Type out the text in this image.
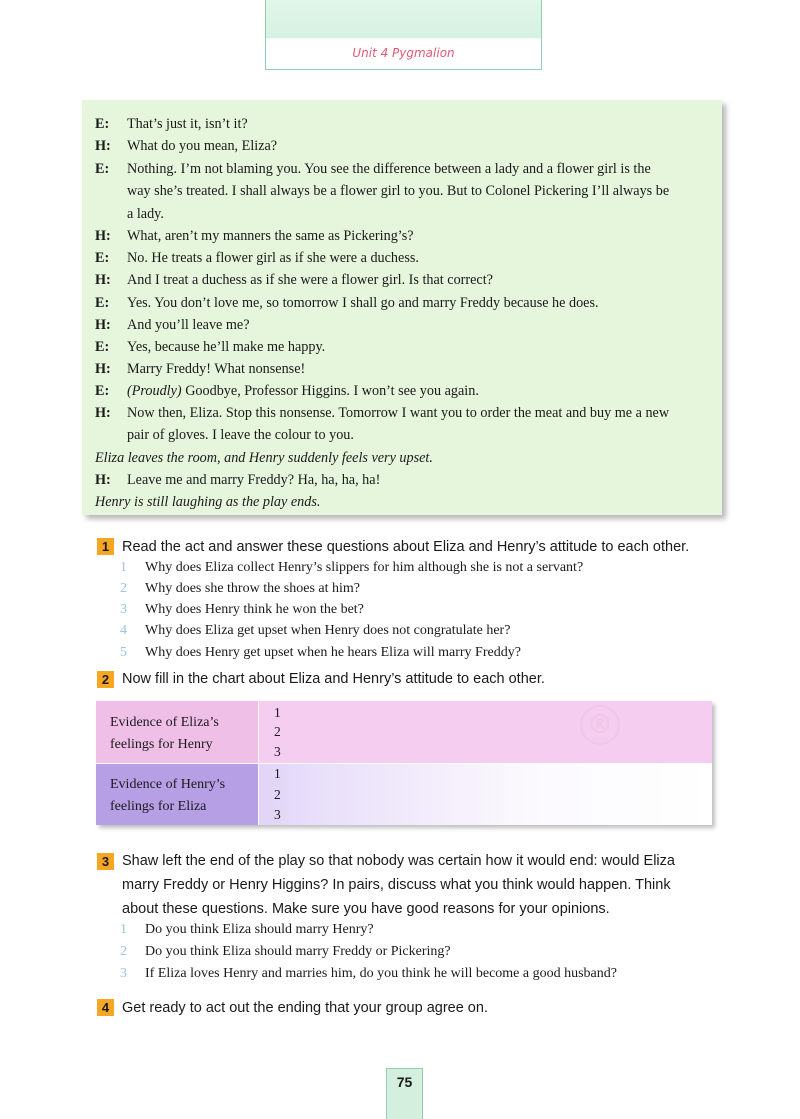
Unit 4 Pygmalion
E: That’s just it, isn’t it?
H: What do you mean, Eliza?
E: Nothing. I’m not blaming you. You see the difference between a lady and a flower girl is the
way she’s treated. I shall always be a flower girl to you. But to Colonel Pickering I’ll always be
a lady.
H: What, aren’t my manners the same as Pickering’s?
E: No. He treats a flower girl as if she were a duchess.
H: And I treat a duchess as if she were a flower girl. Is that correct?
E: Yes. You don’t love me, so tomorrow I shall go and marry Freddy because he does.
H: And you’ll leave me?
E: Yes, because he’ll make me happy.
H: Marry Freddy! What nonsense!
E: (Proudly) Goodbye, Professor Higgins. I won’t see you again.
H: Now then, Eliza. Stop this nonsense. Tomorrow I want you to order the meat and buy me a new
pair of gloves. I leave the colour to you.
Eliza leaves the room, and Henry suddenly feels very upset.
H: Leave me and marry Freddy? Ha, ha, ha, ha!
Henry is still laughing as the play ends.
1 Read the act and answer these questions about Eliza and Henry’s attitude to each other.
1 Why does Eliza collect Henry’s slippers for him although she is not a servant?
2 Why does she throw the shoes at him?
3 Why does Henry think he won the bet?
4 Why does Eliza get upset when Henry does not congratulate her?
5 Why does Henry get upset when he hears Eliza will marry Freddy?
2 Now fill in the chart about Eliza and Henry’s attitude to each other.
Evidence of Eliza’s
feelings for Henry
1
2
3
Evidence of Henry’s
feelings for Eliza
1
2
3
®
3 Shaw left the end of the play so that nobody was certain how it would end: would Eliza
marry Freddy or Henry Higgins? In pairs, discuss what you think would happen. Think
about these questions. Make sure you have good reasons for your opinions.
1 Do you think Eliza should marry Henry?
2 Do you think Eliza should marry Freddy or Pickering?
3 If Eliza loves Henry and marries him, do you think he will become a good husband?
4 Get ready to act out the ending that your group agree on.
75
